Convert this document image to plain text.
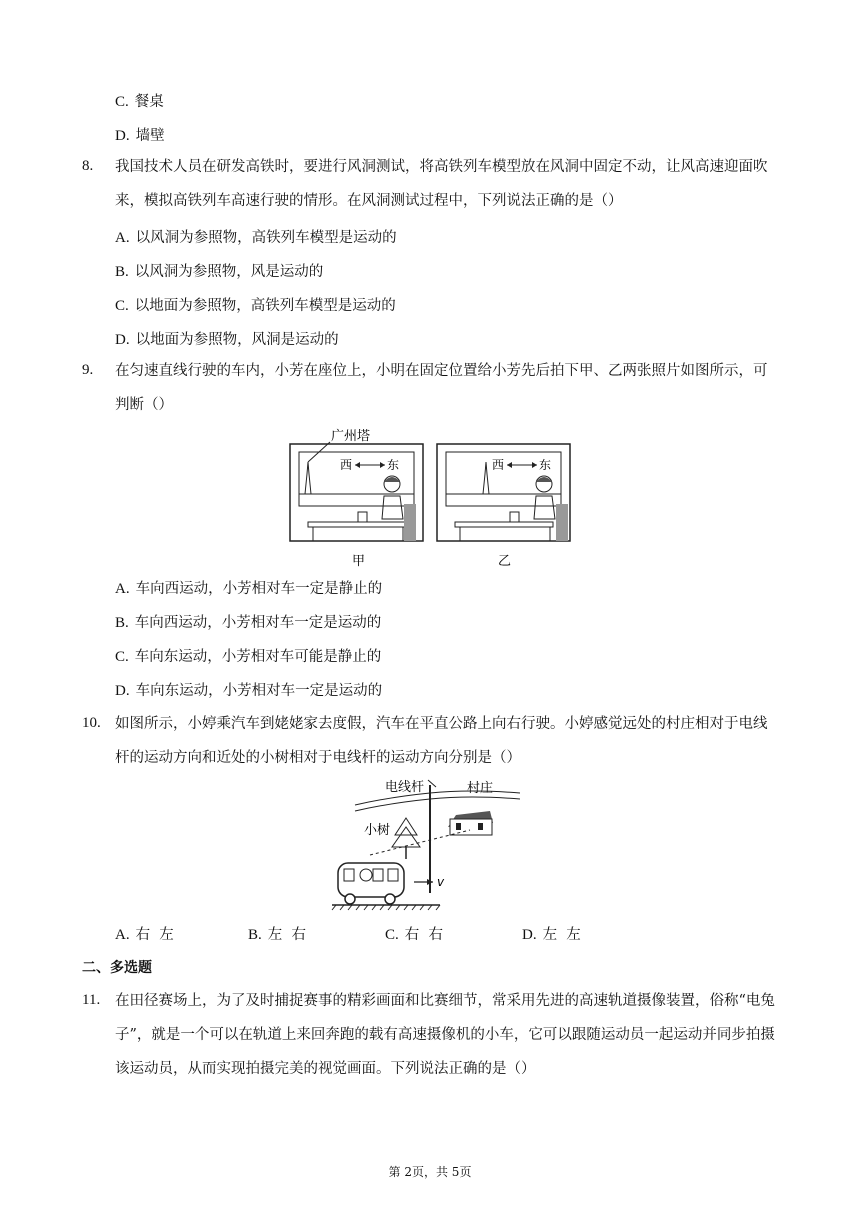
C. 餐桌
D. 墙壁
8. 我国技术人员在研发高铁时，要进行风洞测试，将高铁列车模型放在风洞中固定不动，让风高速迎面吹来，模拟高铁列车高速行驶的情形。在风洞测试过程中，下列说法正确的是（）
A. 以风洞为参照物，高铁列车模型是运动的
B. 以风洞为参照物，风是运动的
C. 以地面为参照物，高铁列车模型是运动的
D. 以地面为参照物，风洞是运动的
9. 在匀速直线行驶的车内，小芳在座位上，小明在固定位置给小芳先后拍下甲、乙两张照片如图所示，可判断（）
西	东
甲
西	东
乙
广州塔
A. 车向西运动，小芳相对车一定是静止的
B. 车向西运动，小芳相对车一定是运动的
C. 车向东运动，小芳相对车可能是静止的
D. 车向东运动，小芳相对车一定是运动的
10. 如图所示，小婷乘汽车到姥姥家去度假，汽车在平直公路上向右行驶。小婷感觉远处的村庄相对于电线杆的运动方向和近处的小树相对于电线杆的运动方向分别是（）
电线杆	村庄
小树
v
A. 右  左	B. 左  右	C. 右  右	D. 左  左
二、多选题
11. 在田径赛场上，为了及时捕捉赛事的精彩画面和比赛细节，常采用先进的高速轨道摄像装置，俗称“电兔子”，就是一个可以在轨道上来回奔跑的载有高速摄像机的小车，它可以跟随运动员一起运动并同步拍摄该运动员，从而实现拍摄完美的视觉画面。下列说法正确的是（）
第 2页，共 5页
